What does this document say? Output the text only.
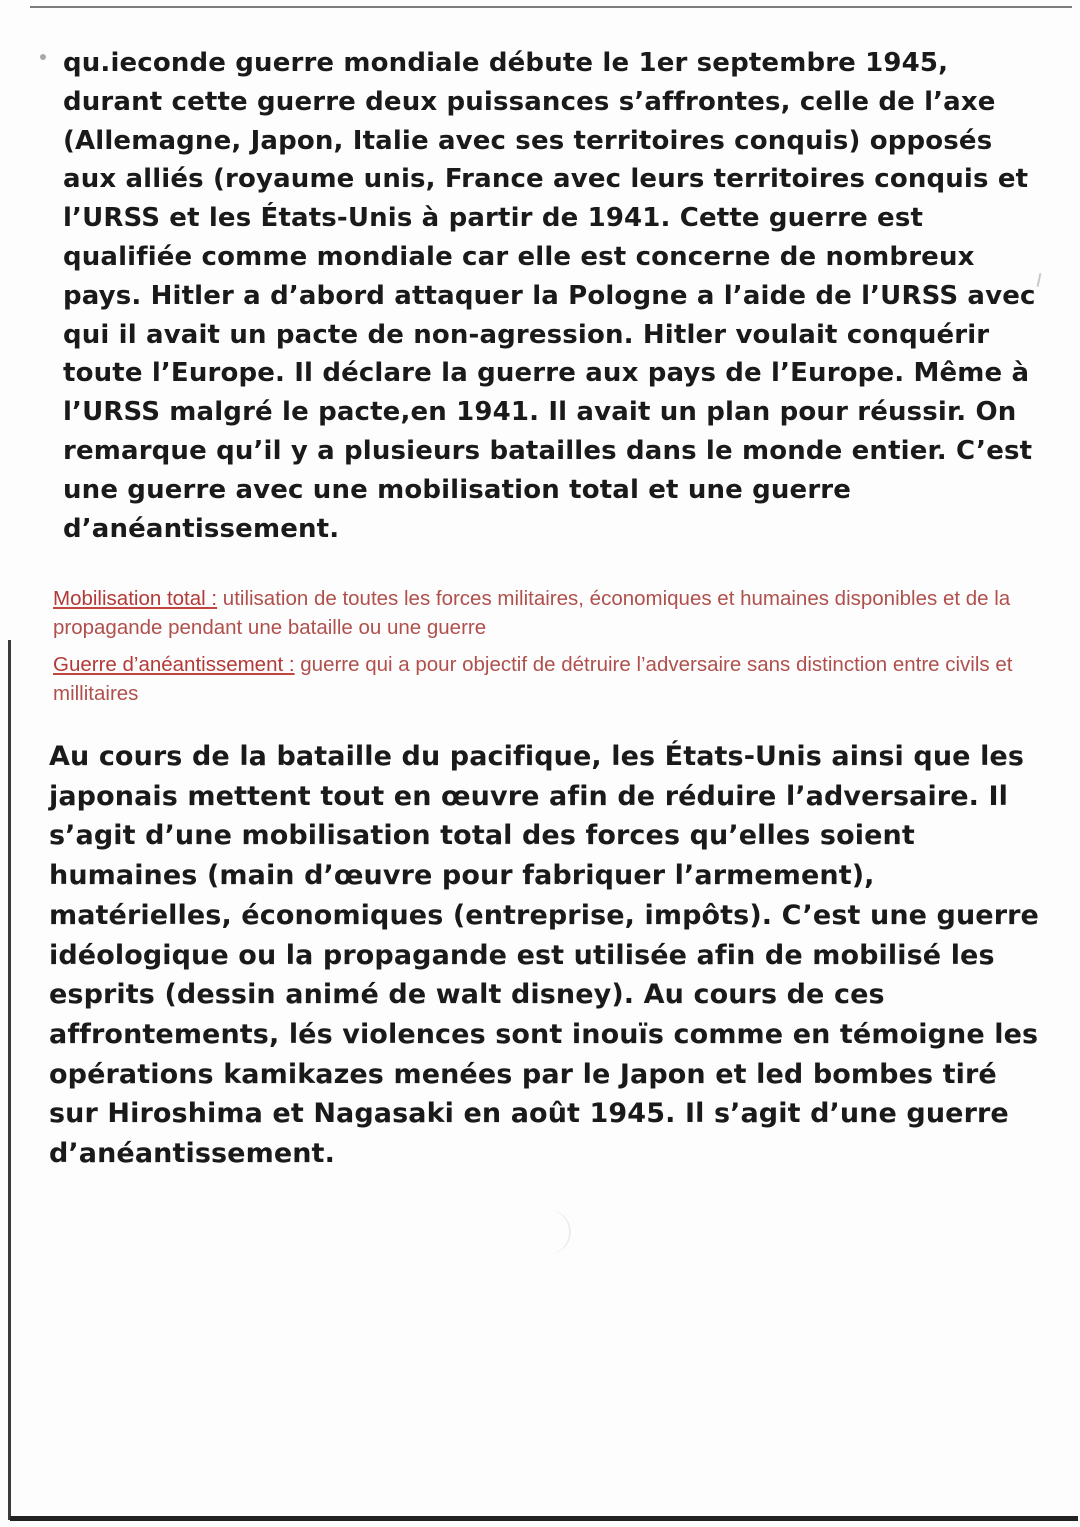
qu.ieconde guerre mondiale débute le 1er septembre 1945, durant cette guerre deux puissances s’affrontes, celle de l’axe (Allemagne, Japon, Italie avec ses territoires conquis) opposés aux alliés (royaume unis, France avec leurs territoires conquis et l’URSS et les États-Unis à partir de 1941. Cette guerre est qualifiée comme mondiale car elle est concerne de nombreux pays. Hitler a d’abord attaquer la Pologne a l’aide de l’URSS avec qui il avait un pacte de non-agression. Hitler voulait conquérir toute l’Europe. Il déclare la guerre aux pays de l’Europe. Même à l’URSS malgré le pacte,en 1941. Il avait un plan pour réussir. On remarque qu’il y a plusieurs batailles dans le monde entier. C’est une guerre avec une mobilisation total et une guerre d’anéantissement.

Mobilisation total : utilisation de toutes les forces militaires, économiques et humaines disponibles et de la propagande pendant une bataille ou une guerre

Guerre d’anéantissement : guerre qui a pour objectif de détruire l’adversaire sans distinction entre civils et millitaires

Au cours de la bataille du pacifique, les États-Unis ainsi que les japonais mettent tout en œuvre afin de réduire l’adversaire. Il s’agit d’une mobilisation total des forces qu’elles soient humaines (main d’œuvre pour fabriquer l’armement), matérielles, économiques (entreprise, impôts). C’est une guerre idéologique ou la propagande est utilisée afin de mobilisé les esprits (dessin animé de walt disney). Au cours de ces affrontements, lés violences sont inouïs comme en témoigne les opérations kamikazes menées par le Japon et led bombes tiré sur Hiroshima et Nagasaki en août 1945. Il s’agit d’une guerre d’anéantissement.
